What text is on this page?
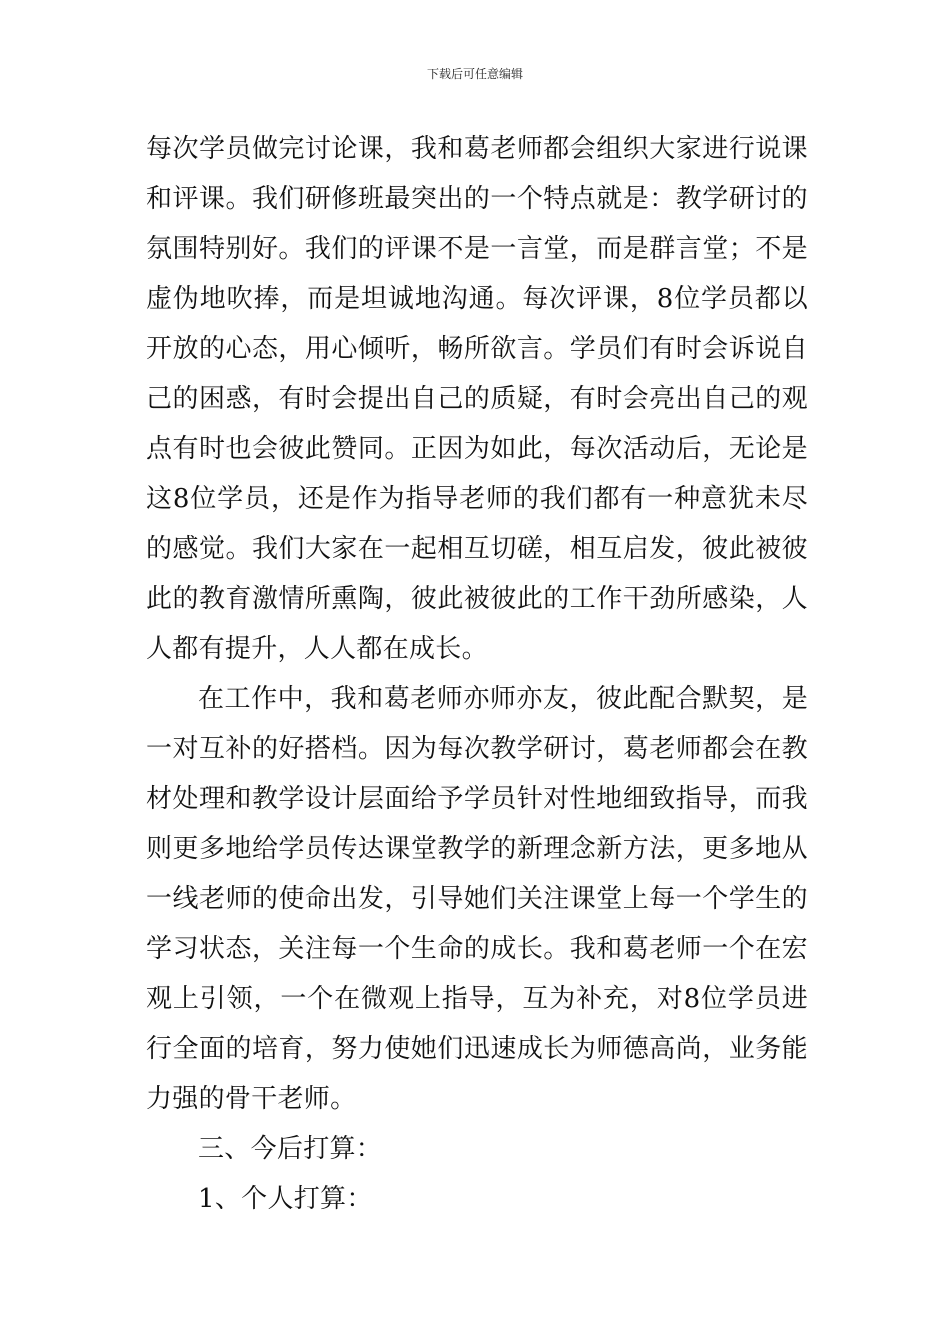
下载后可任意编辑

每次学员做完讨论课，我和葛老师都会组织大家进行说课和评课。我们研修班最突出的一个特点就是：教学研讨的氛围特别好。我们的评课不是一言堂，而是群言堂；不是虚伪地吹捧，而是坦诚地沟通。每次评课，8位学员都以开放的心态，用心倾听，畅所欲言。学员们有时会诉说自己的困惑，有时会提出自己的质疑，有时会亮出自己的观点有时也会彼此赞同。正因为如此，每次活动后，无论是这8位学员，还是作为指导老师的我们都有一种意犹未尽的感觉。我们大家在一起相互切磋，相互启发，彼此被彼此的教育激情所熏陶，彼此被彼此的工作干劲所感染，人人都有提升，人人都在成长。

在工作中，我和葛老师亦师亦友，彼此配合默契，是一对互补的好搭档。因为每次教学研讨，葛老师都会在教材处理和教学设计层面给予学员针对性地细致指导，而我则更多地给学员传达课堂教学的新理念新方法，更多地从一线老师的使命出发，引导她们关注课堂上每一个学生的学习状态，关注每一个生命的成长。我和葛老师一个在宏观上引领，一个在微观上指导，互为补充，对8位学员进行全面的培育，努力使她们迅速成长为师德高尚，业务能力强的骨干老师。

三、今后打算：

1、个人打算：
